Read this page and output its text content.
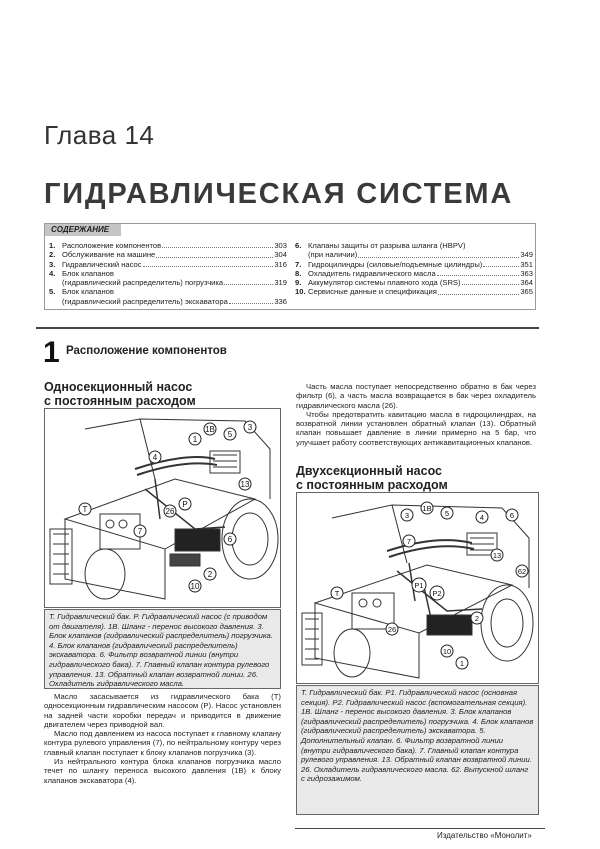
Глава 14
ГИДРАВЛИЧЕСКАЯ СИСТЕМА
СОДЕРЖАНИЕ
1. Расположение компонентов	303
2. Обслуживание на машине	304
3. Гидравлический насос	316
4. Блок клапанов
(гидравлический распределитель) погрузчика	319
5. Блок клапанов
(гидравлический распределитель) экскаватора	336
6. Клапаны защиты от разрыва шланга (HBPV)
(при наличии)	349
7. Гидроцилиндры (силовые/подъемные цилиндры)	351
8. Охладитель гидравлического масла	363
9. Аккумулятор системы плавного хода (SRS)	364
10. Сервисные данные и спецификация	365
1 Расположение компонентов
Односекционный насос
с постоянным расходом
1
1В
5
3
4
13
7
6
2
10
26
Т
Р
T. Гидравлический бак. P. Гидравлический насос (с приводом от двигателя). 1В. Шланг - перенос высокого давления. 3. Блок клапанов (гидравлический распределитель) погрузчика. 4. Блок клапанов (гидравлический распределитель) экскаватора. 6. Фильтр возвратной линии (внутри гидравлического бака). 7. Главный клапан контура рулевого управления. 13. Обратный клапан возвратной линии. 26. Охладитель гидравлического масла.

Масло засасывается из гидравлического бака (T) односекционным гидравлическим насосом (P). Насос установлен на задней части коробки передач и приводится в движение двигателем через приводной вал.

Масло под давлением из насоса поступает к главному клапану контура рулевого управления (7), по нейтральному контуру через главный клапан поступает к блоку клапанов погрузчика (3).

Из нейтрального контура блока клапанов погрузчика масло течет по шлангу переноса высокого давления (1В) к блоку клапанов экскаватора (4).

Часть масла поступает непосредственно обратно в бак через фильтр (6), а часть масла возвращается в бак через охладитель гидравлического масла (26).

Чтобы предотвратить кавитацию масла в гидроцилиндрах, на возвратной линии установлен обратный клапан (13). Обратный клапан повышает давление в линии примерно на 5 бар, что улучшает работу соответствующих антикавитационных клапанов.

Двухсекционный насос
с постоянным расходом
3
1В
5	6
4
13
7
2
1
10
Т
Р1
Р2
62
26
T. Гидравлический бак. P1. Гидравлический насос (основная секция). P2. Гидравлический насос (вспомогательная секция). 1В. Шланг - перенос высокого давления. 3. Блок клапанов (гидравлический распределитель) погрузчика. 4. Блок клапанов (гидравлический распределитель) экскаватора. 5. Дополнительный клапан. 6. Фильтр возвратной линии (внутри гидравлического бака). 7. Главный клапан контура рулевого управления. 13. Обратный клапан возвратной линии. 26. Охладитель гидравлического масла. 62. Выпускной шланг с гидрозажимом.
Издательство «Монолит»
